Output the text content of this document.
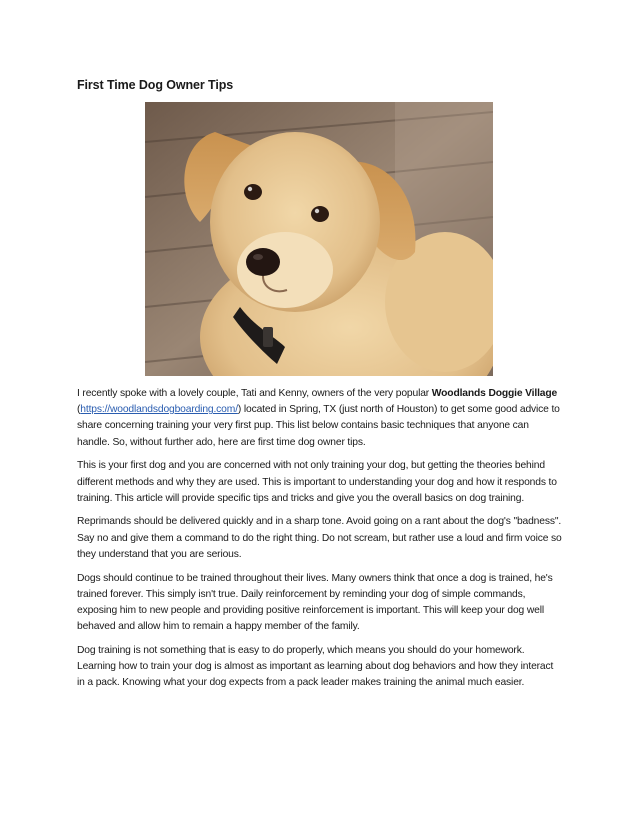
First Time Dog Owner Tips

I recently spoke with a lovely couple, Tati and Kenny, owners of the very popular Woodlands Doggie Village (https://woodlandsdogboarding.com/) located in Spring, TX (just north of Houston) to get some good advice to share concerning training your very first pup. This list below contains basic techniques that anyone can handle. So, without further ado, here are first time dog owner tips.

This is your first dog and you are concerned with not only training your dog, but getting the theories behind different methods and why they are used. This is important to understanding your dog and how it responds to training. This article will provide specific tips and tricks and give you the overall basics on dog training.

Reprimands should be delivered quickly and in a sharp tone. Avoid going on a rant about the dog's "badness". Say no and give them a command to do the right thing. Do not scream, but rather use a loud and firm voice so they understand that you are serious.

Dogs should continue to be trained throughout their lives. Many owners think that once a dog is trained, he's trained forever. This simply isn't true. Daily reinforcement by reminding your dog of simple commands, exposing him to new people and providing positive reinforcement is important. This will keep your dog well behaved and allow him to remain a happy member of the family.

Dog training is not something that is easy to do properly, which means you should do your homework. Learning how to train your dog is almost as important as learning about dog behaviors and how they interact in a pack. Knowing what your dog expects from a pack leader makes training the animal much easier.
